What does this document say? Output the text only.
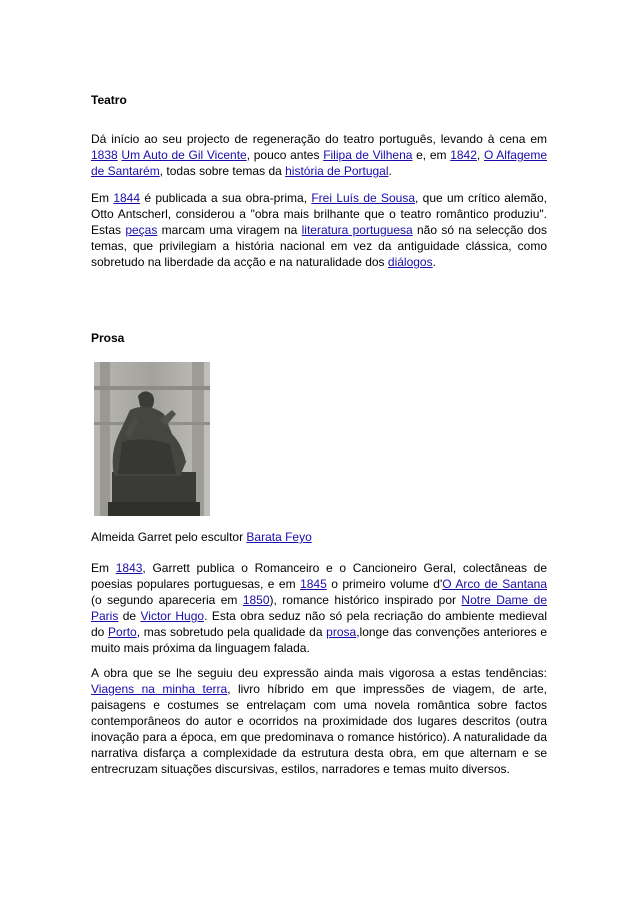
Teatro

Dá início ao seu projecto de regeneração do teatro português, levando à cena em 1838 Um Auto de Gil Vicente, pouco antes Filipa de Vilhena e, em 1842, O Alfageme de Santarém, todas sobre temas da história de Portugal.

Em 1844 é publicada a sua obra-prima, Frei Luís de Sousa, que um crítico alemão, Otto Antscherl, considerou a "obra mais brilhante que o teatro romântico produziu". Estas peças marcam uma viragem na literatura portuguesa não só na selecção dos temas, que privilegiam a história nacional em vez da antiguidade clássica, como sobretudo na liberdade da acção e na naturalidade dos diálogos.

Prosa

Almeida Garret pelo escultor Barata Feyo

Em 1843, Garrett publica o Romanceiro e o Cancioneiro Geral, colectâneas de poesias populares portuguesas, e em 1845 o primeiro volume d'O Arco de Santana (o segundo apareceria em 1850), romance histórico inspirado por Notre Dame de Paris de Victor Hugo. Esta obra seduz não só pela recriação do ambiente medieval do Porto, mas sobretudo pela qualidade da prosa,longe das convenções anteriores e muito mais próxima da linguagem falada.

A obra que se lhe seguiu deu expressão ainda mais vigorosa a estas tendências: Viagens na minha terra, livro híbrido em que impressões de viagem, de arte, paisagens e costumes se entrelaçam com uma novela romântica sobre factos contemporâneos do autor e ocorridos na proximidade dos lugares descritos (outra inovação para a época, em que predominava o romance histórico). A naturalidade da narrativa disfarça a complexidade da estrutura desta obra, em que alternam e se entrecruzam situações discursivas, estilos, narradores e temas muito diversos.
